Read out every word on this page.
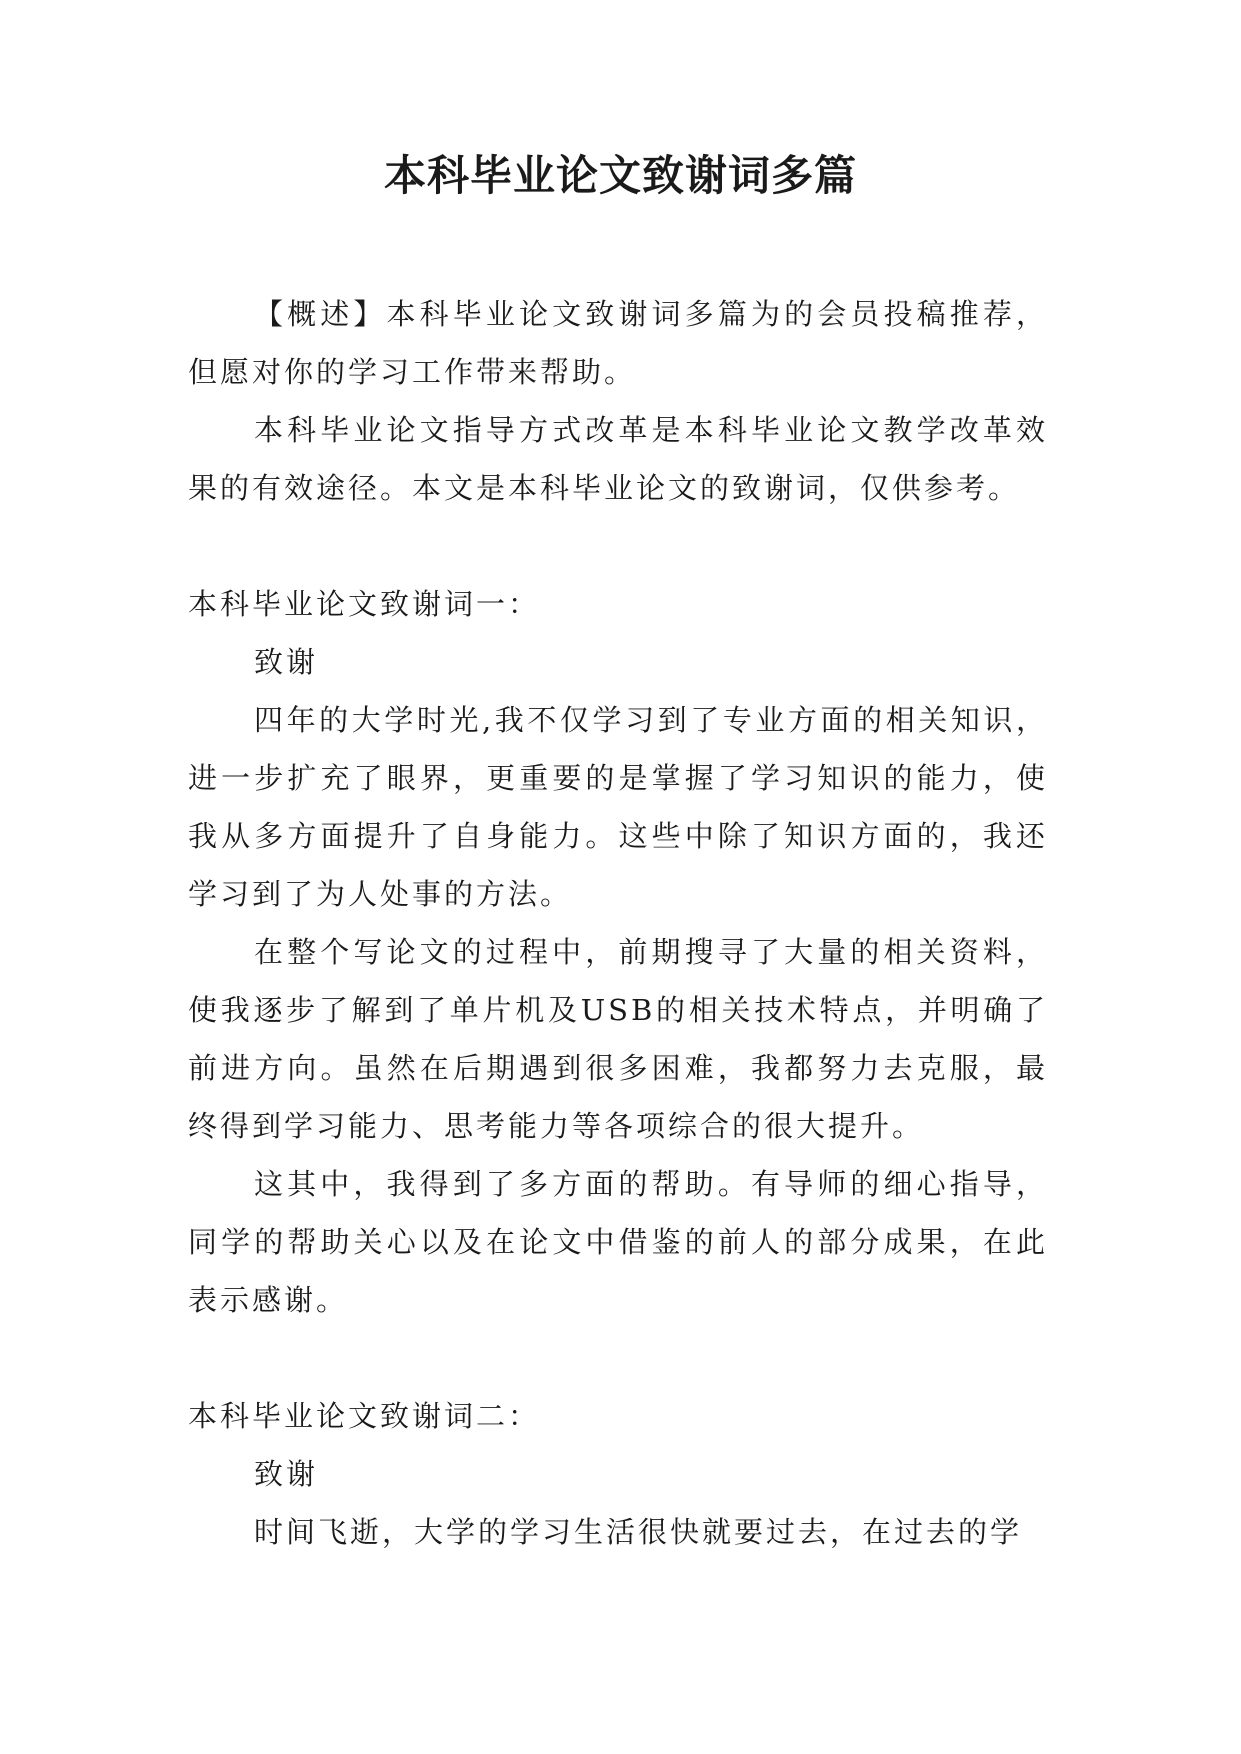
本科毕业论文致谢词多篇

【概述】本科毕业论文致谢词多篇为的会员投稿推荐，但愿对你的学习工作带来帮助。

本科毕业论文指导方式改革是本科毕业论文教学改革效果的有效途径。本文是本科毕业论文的致谢词，仅供参考。

本科毕业论文致谢词一：

致谢

四年的大学时光,我不仅学习到了专业方面的相关知识，进一步扩充了眼界，更重要的是掌握了学习知识的能力，使我从多方面提升了自身能力。这些中除了知识方面的，我还学习到了为人处事的方法。

在整个写论文的过程中，前期搜寻了大量的相关资料，使我逐步了解到了单片机及USB的相关技术特点，并明确了前进方向。虽然在后期遇到很多困难，我都努力去克服，最终得到学习能力、思考能力等各项综合的很大提升。

这其中，我得到了多方面的帮助。有导师的细心指导，同学的帮助关心以及在论文中借鉴的前人的部分成果，在此表示感谢。

本科毕业论文致谢词二：

致谢

时间飞逝，大学的学习生活很快就要过去，在过去的学
